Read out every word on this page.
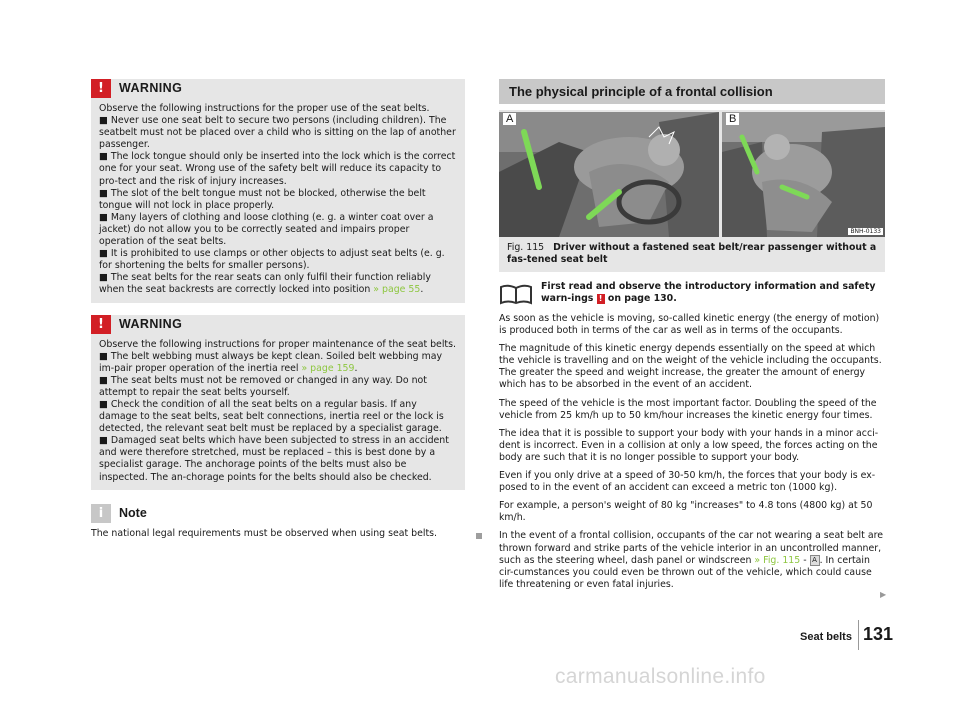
!	WARNING

Observe the following instructions for the proper use of the seat belts.

■ Never use one seat belt to secure two persons (including children). The seatbelt must not be placed over a child who is sitting on the lap of another passenger.

■ The lock tongue should only be inserted into the lock which is the correct one for your seat. Wrong use of the safety belt will reduce its capacity to pro-tect and the risk of injury increases.

■ The slot of the belt tongue must not be blocked, otherwise the belt tongue will not lock in place properly.

■ Many layers of clothing and loose clothing (e. g. a winter coat over a jacket) do not allow you to be correctly seated and impairs proper operation of the seat belts.

■ It is prohibited to use clamps or other objects to adjust seat belts (e. g. for shortening the belts for smaller persons).

■ The seat belts for the rear seats can only fulfil their function reliably when the seat backrests are correctly locked into position » page 55.

!	WARNING

Observe the following instructions for proper maintenance of the seat belts.

■ The belt webbing must always be kept clean. Soiled belt webbing may im-pair proper operation of the inertia reel » page 159.

■ The seat belts must not be removed or changed in any way. Do not attempt to repair the seat belts yourself.

■ Check the condition of all the seat belts on a regular basis. If any damage to the seat belts, seat belt connections, inertia reel or the lock is detected, the relevant seat belt must be replaced by a specialist garage.

■ Damaged seat belts which have been subjected to stress in an accident and were therefore stretched, must be replaced – this is best done by a specialist garage. The anchorage points of the belts must also be inspected. The an-chorage points for the belts should also be checked.

i	Note
The national legal requirements must be observed when using seat belts.
The physical principle of a frontal collision
A	B
BNH-0133
Fig. 115 Driver without a fastened seat belt/rear passenger without a fas-tened seat belt
First read and observe the introductory information and safety warn-ings ! on page 130.

As soon as the vehicle is moving, so-called kinetic energy (the energy of motion) is produced both in terms of the car as well as in terms of the occupants.

The magnitude of this kinetic energy depends essentially on the speed at which the vehicle is travelling and on the weight of the vehicle including the occupants. The greater the speed and weight increase, the greater the amount of energy which has to be absorbed in the event of an accident.

The speed of the vehicle is the most important factor. Doubling the speed of the vehicle from 25 km/h up to 50 km/hour increases the kinetic energy four times.

The idea that it is possible to support your body with your hands in a minor acci-dent is incorrect. Even in a collision at only a low speed, the forces acting on the body are such that it is no longer possible to support your body.

Even if you only drive at a speed of 30-50 km/h, the forces that your body is ex-posed to in the event of an accident can exceed a metric ton (1000 kg).

For example, a person's weight of 80 kg "increases" to 4.8 tons (4800 kg) at 50 km/h.

In the event of a frontal collision, occupants of the car not wearing a seat belt are thrown forward and strike parts of the vehicle interior in an uncontrolled manner, such as the steering wheel, dash panel or windscreen » Fig. 115 - A . In certain cir-cumstances you could even be thrown out of the vehicle, which could cause life threatening or even fatal injuries.

▶
Seat belts 131
carmanualsonline.info
